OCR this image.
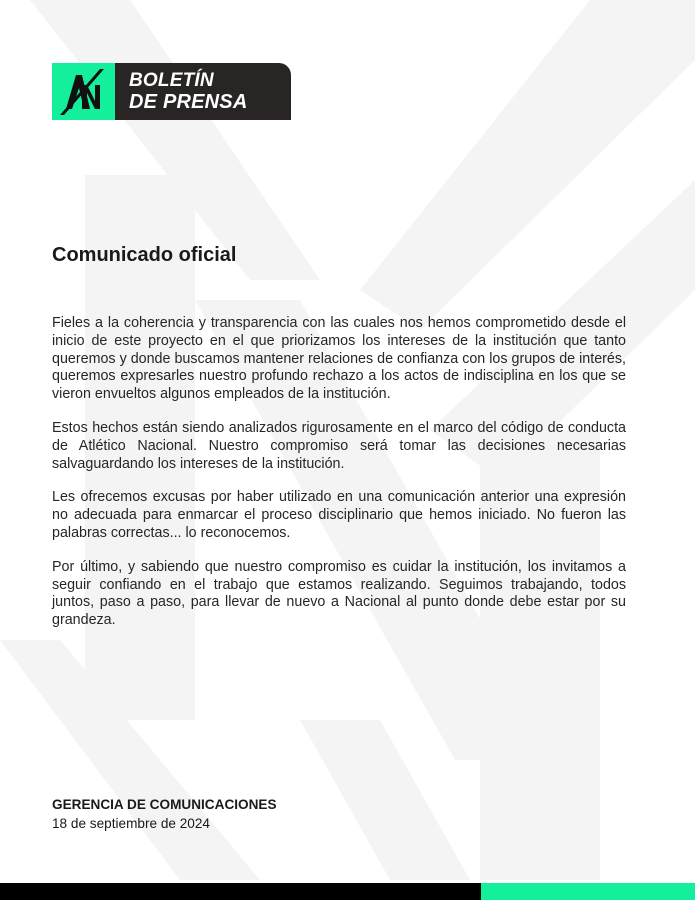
BOLETÍN
DE PRENSA
Comunicado oficial

Fieles a la coherencia y transparencia con las cuales nos hemos comprometido desde el inicio de este proyecto en el que priorizamos los intereses de la institución que tanto queremos y donde buscamos mantener relaciones de confianza con los grupos de interés, queremos expresarles nuestro profundo rechazo a los actos de indisciplina en los que se vieron envueltos algunos empleados de la institución.

Estos hechos están siendo analizados rigurosamente en el marco del código de conducta de Atlético Nacional. Nuestro compromiso será tomar las decisiones necesarias salvaguardando los intereses de la institución.

Les ofrecemos excusas por haber utilizado en una comunicación anterior una expresión no adecuada para enmarcar el proceso disciplinario que hemos iniciado. No fueron las palabras correctas... lo reconocemos.

Por último, y sabiendo que nuestro compromiso es cuidar la institución, los invitamos a seguir confiando en el trabajo que estamos realizando. Seguimos trabajando, todos juntos, paso a paso, para llevar de nuevo a Nacional al punto donde debe estar por su grandeza.

GERENCIA DE COMUNICACIONES
18 de septiembre de 2024
